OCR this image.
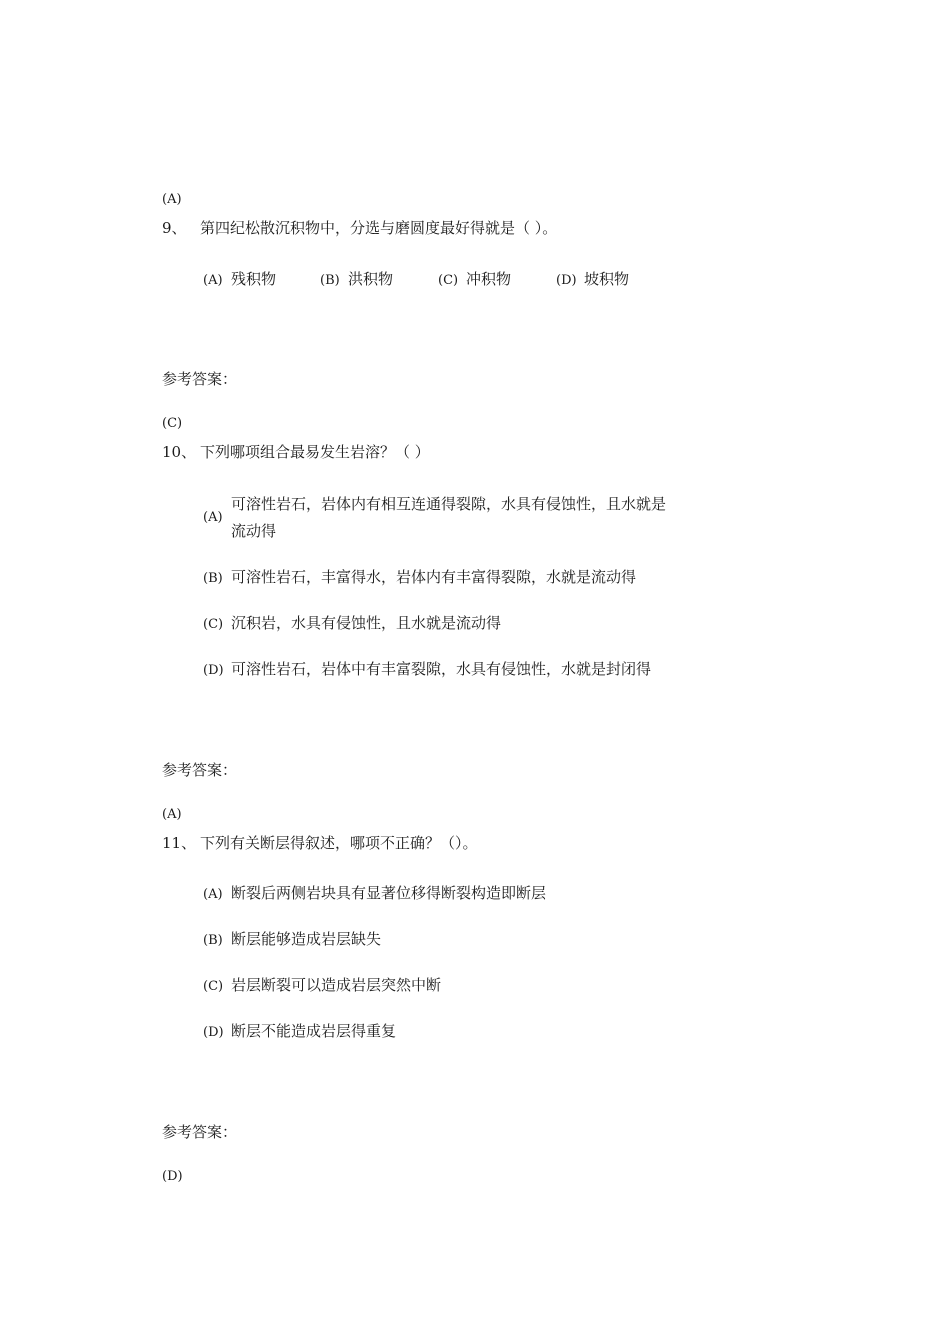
(A)
9、 第四纪松散沉积物中，分选与磨圆度最好得就是（ ）。
(A) 残积物	(B) 洪积物	(C) 冲积物	(D) 坡积物
参考答案：
(C)
10、 下列哪项组合最易发生岩溶？（ ）
(A)
可溶性岩石，岩体内有相互连通得裂隙，水具有侵蚀性，且水就是
流动得
(B) 可溶性岩石，丰富得水，岩体内有丰富得裂隙，水就是流动得
(C) 沉积岩，水具有侵蚀性，且水就是流动得
(D) 可溶性岩石，岩体中有丰富裂隙，水具有侵蚀性，水就是封闭得
参考答案：
(A)
11、 下列有关断层得叙述，哪项不正确？（）。
(A) 断裂后两侧岩块具有显著位移得断裂构造即断层
(B) 断层能够造成岩层缺失
(C) 岩层断裂可以造成岩层突然中断
(D) 断层不能造成岩层得重复
参考答案：
(D)
